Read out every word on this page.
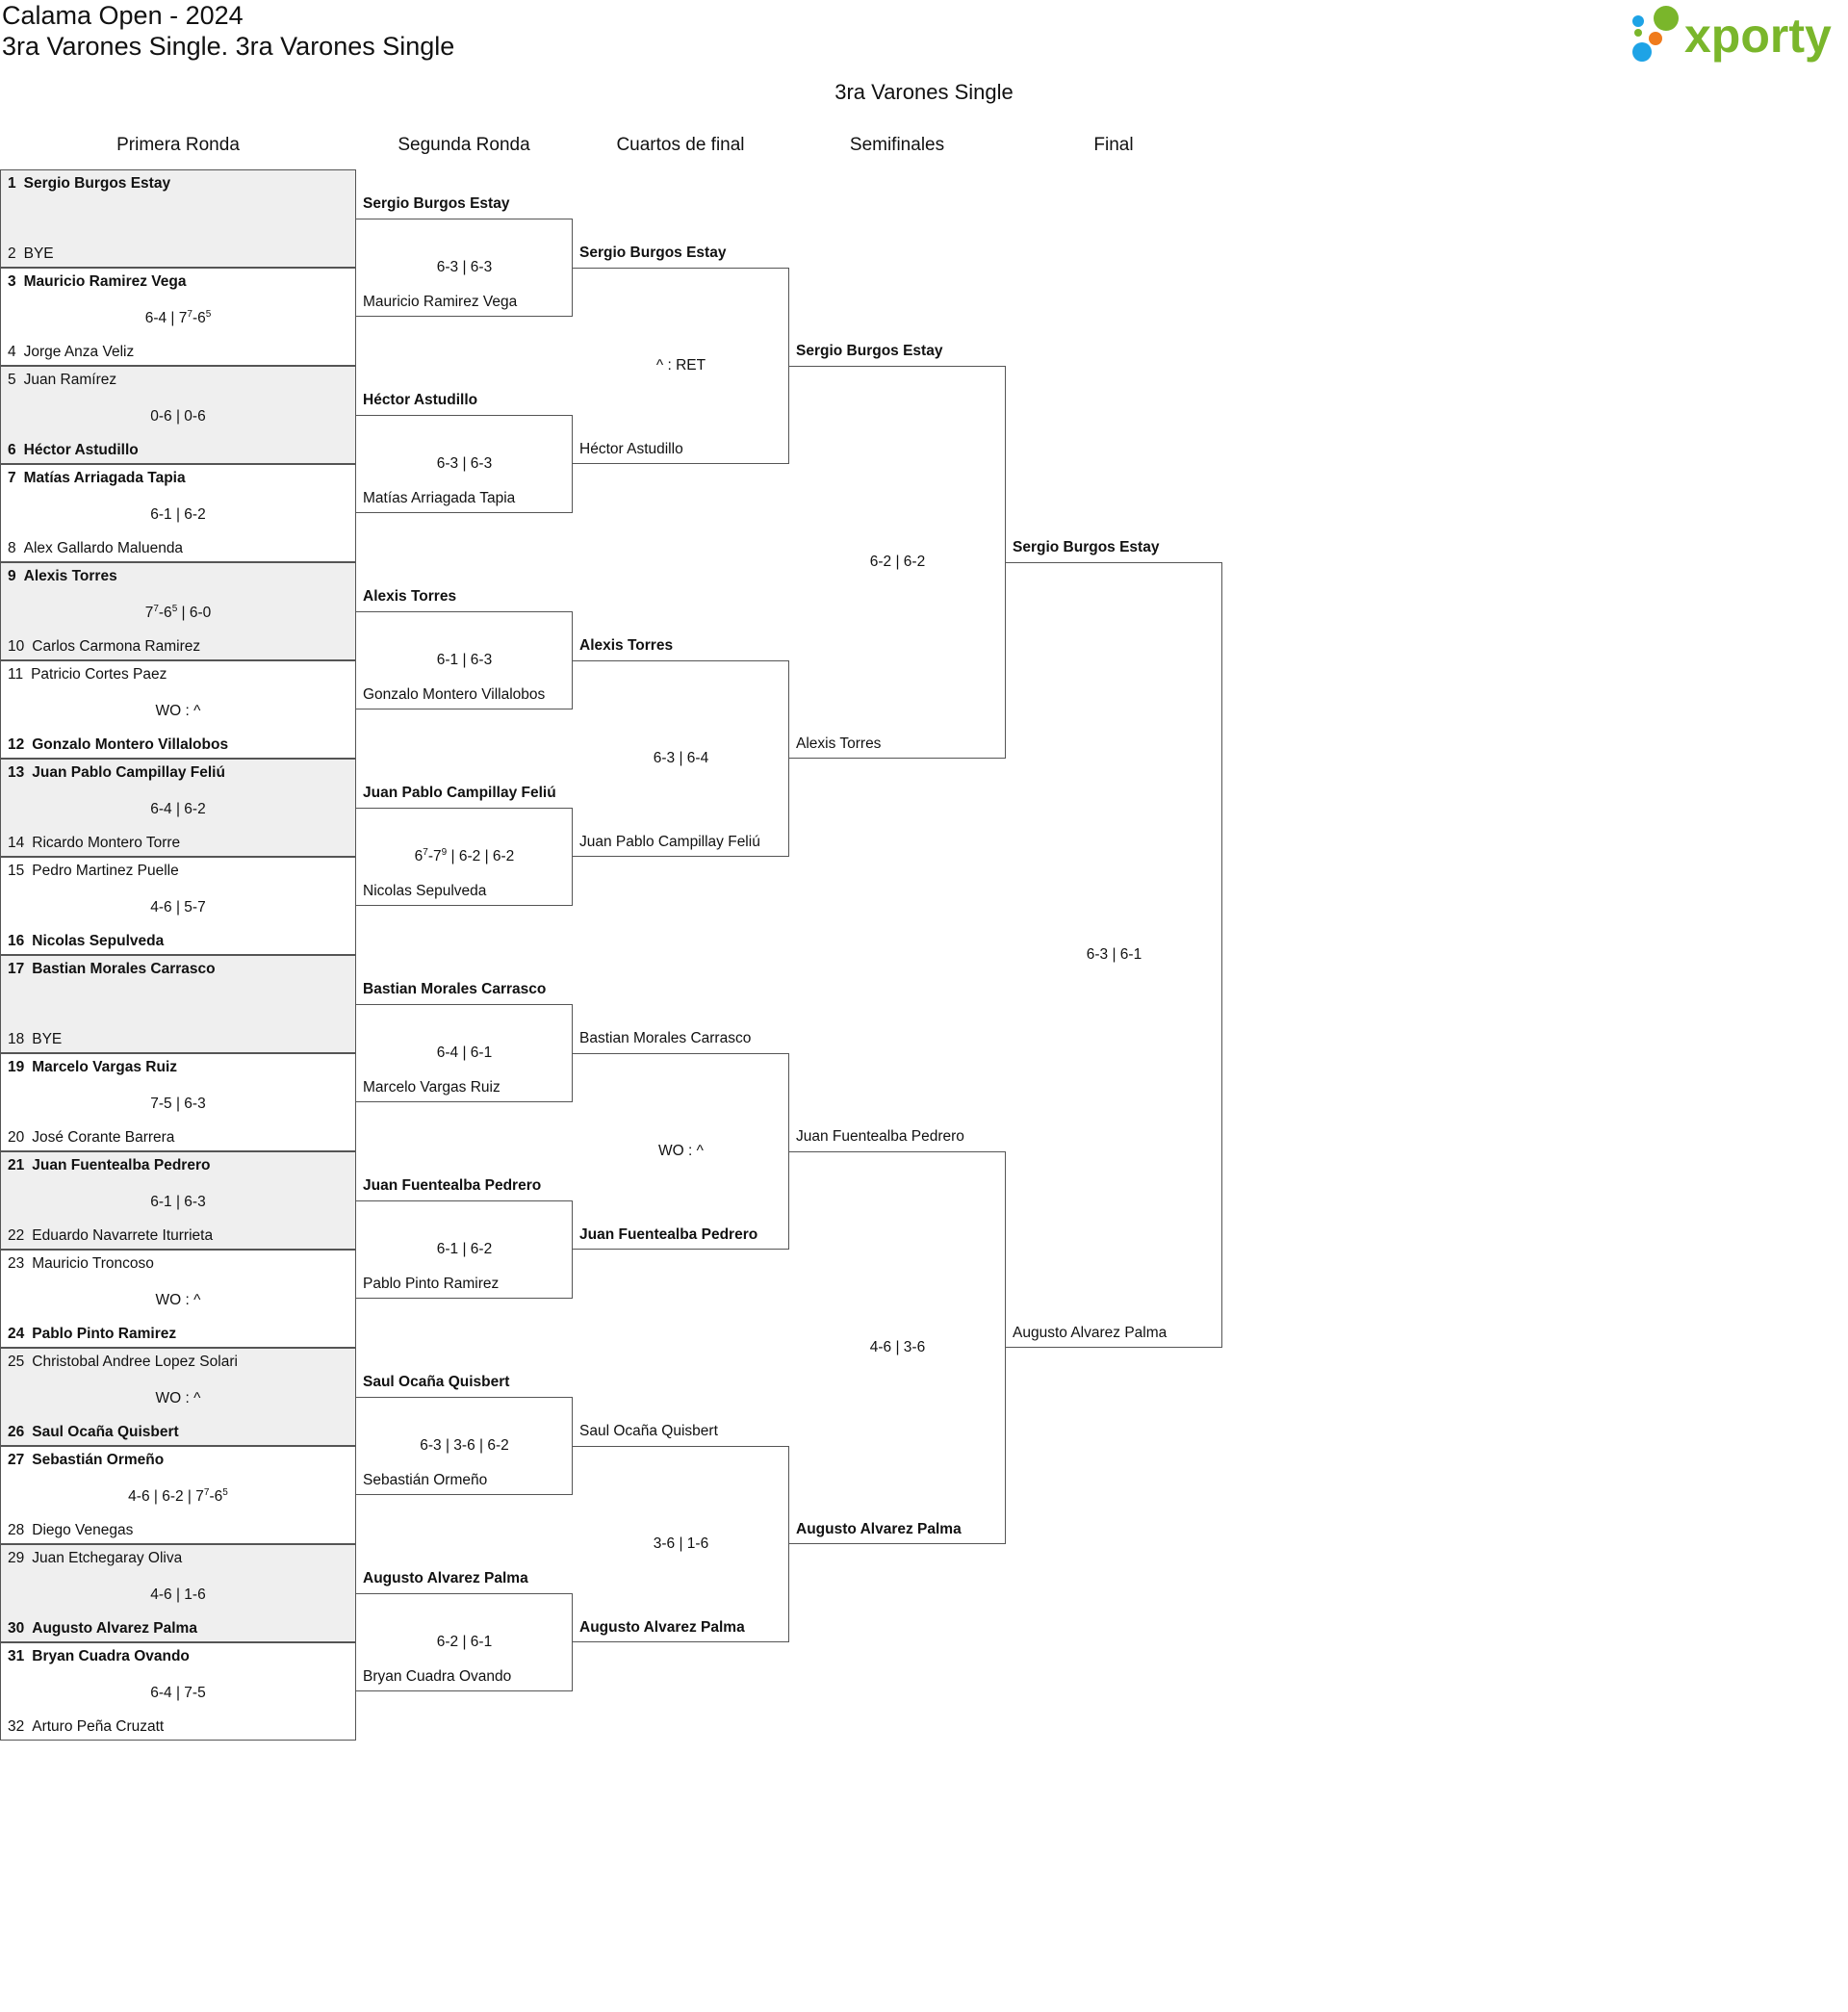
Calama Open - 2024
3ra Varones Single. 3ra Varones Single	xporty
3ra Varones Single
Primera Ronda	Segunda Ronda	Cuartos de final	Semifinales	Final
1 Sergio Burgos Estay
2 BYE
3 Mauricio Ramirez Vega
6-4 | $7^7-6^5$
4 Jorge Anza Veliz
5 Juan Ramírez
0-6 | 0-6
6 Héctor Astudillo
7 Matías Arriagada Tapia
6-1 | 6-2
8 Alex Gallardo Maluenda
9 Alexis Torres
$7^7-6^5$ | 6-0
10 Carlos Carmona Ramirez
11 Patricio Cortes Paez
WO : ^
12 Gonzalo Montero Villalobos
13 Juan Pablo Campillay Feliú
6-4 | 6-2
14 Ricardo Montero Torre
15 Pedro Martinez Puelle
4-6 | 5-7
16 Nicolas Sepulveda
17 Bastian Morales Carrasco
18 BYE
19 Marcelo Vargas Ruiz
7-5 | 6-3
20 José Corante Barrera
21 Juan Fuentealba Pedrero
6-1 | 6-3
22 Eduardo Navarrete Iturrieta
23 Mauricio Troncoso
WO : ^
24 Pablo Pinto Ramirez
25 Christobal Andree Lopez Solari
WO : ^
26 Saul Ocaña Quisbert
27 Sebastián Ormeño
4-6 | 6-2 | $7^7-6^5$
28 Diego Venegas
29 Juan Etchegaray Oliva
4-6 | 1-6
30 Augusto Alvarez Palma
31 Bryan Cuadra Ovando
6-4 | 7-5
32 Arturo Peña Cruzatt
Sergio Burgos Estay
Mauricio Ramirez Vega
6-3 | 6-3
Héctor Astudillo
Matías Arriagada Tapia
6-3 | 6-3
Alexis Torres
Gonzalo Montero Villalobos
6-1 | 6-3
Juan Pablo Campillay Feliú
Nicolas Sepulveda
$6^7-7^9$ | 6-2 | 6-2
Bastian Morales Carrasco
Marcelo Vargas Ruiz
6-4 | 6-1
Juan Fuentealba Pedrero
Pablo Pinto Ramirez
6-1 | 6-2
Saul Ocaña Quisbert
Sebastián Ormeño
6-3 | 3-6 | 6-2
Augusto Alvarez Palma
Bryan Cuadra Ovando
6-2 | 6-1
Sergio Burgos Estay
Héctor Astudillo
^ : RET
Alexis Torres
Juan Pablo Campillay Feliú
6-3 | 6-4
Bastian Morales Carrasco
Juan Fuentealba Pedrero
WO : ^
Saul Ocaña Quisbert
Augusto Alvarez Palma
3-6 | 1-6
Sergio Burgos Estay
Alexis Torres
6-2 | 6-2
Juan Fuentealba Pedrero
Augusto Alvarez Palma
4-6 | 3-6
Sergio Burgos Estay
Augusto Alvarez Palma
6-3 | 6-1
